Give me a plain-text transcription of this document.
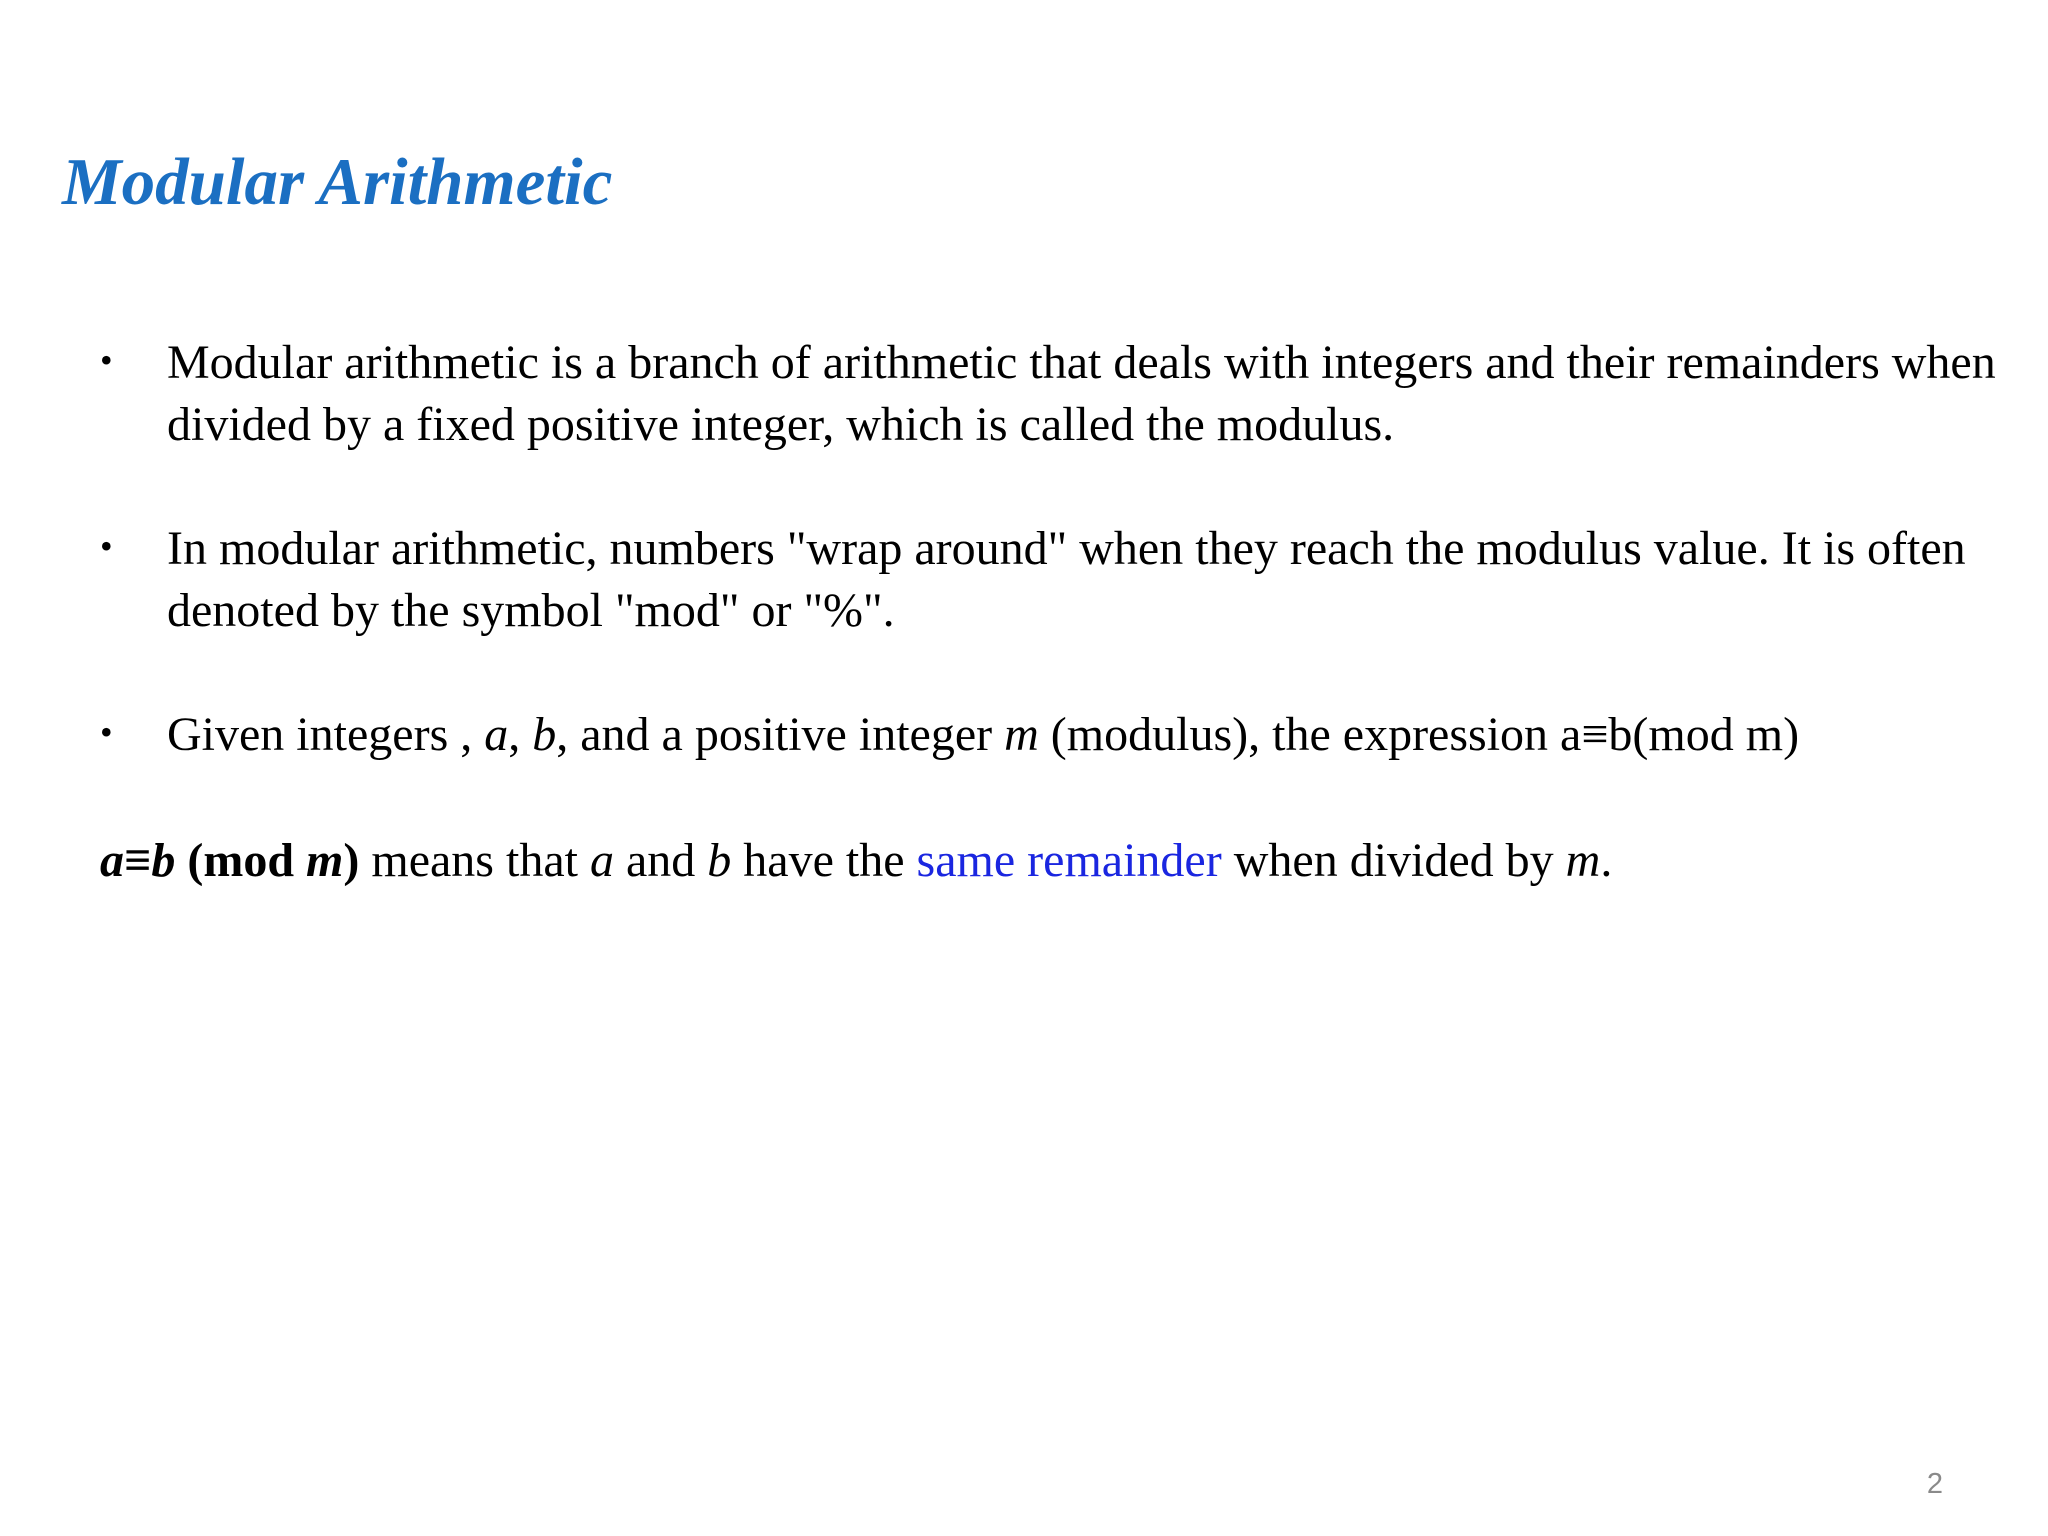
Modular Arithmetic
• Modular arithmetic is a branch of arithmetic that deals with integers and their remainders when divided by a fixed positive integer, which is called the modulus.
• In modular arithmetic, numbers "wrap around" when they reach the modulus value. It is often denoted by the symbol "mod" or "%".
• Given integers , a, b, and a positive integer m (modulus), the expression a≡b(mod m)

a≡b (mod m) means that a and b have the same remainder when divided by m.

2
